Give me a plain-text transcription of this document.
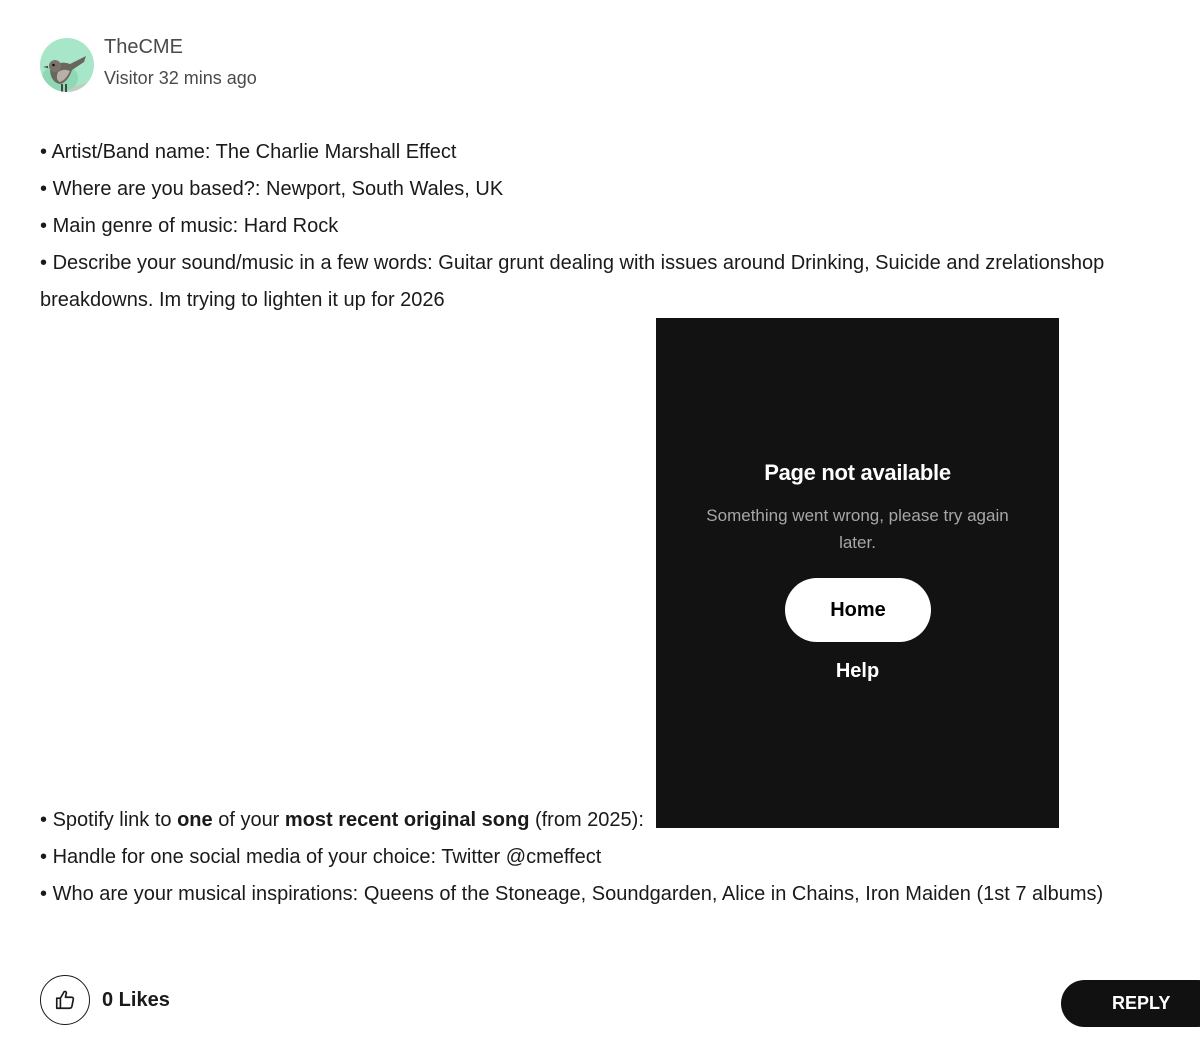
TheCME
Visitor 32 mins ago
• Artist/Band name: The Charlie Marshall Effect
• Where are you based?: Newport, South Wales, UK
• Main genre of music: Hard Rock
• Describe your sound/music in a few words: Guitar grunt dealing with issues around Drinking, Suicide and zrelationshop breakdowns. Im trying to lighten it up for 2026
Page not available
Something went wrong, please try again later.
Home
Help
• Spotify link to one of your most recent original song (from 2025):
• Handle for one social media of your choice: Twitter @cmeffect
• Who are your musical inspirations: Queens of the Stoneage, Soundgarden, Alice in Chains, Iron Maiden (1st 7 albums)
0 Likes	REPLY
